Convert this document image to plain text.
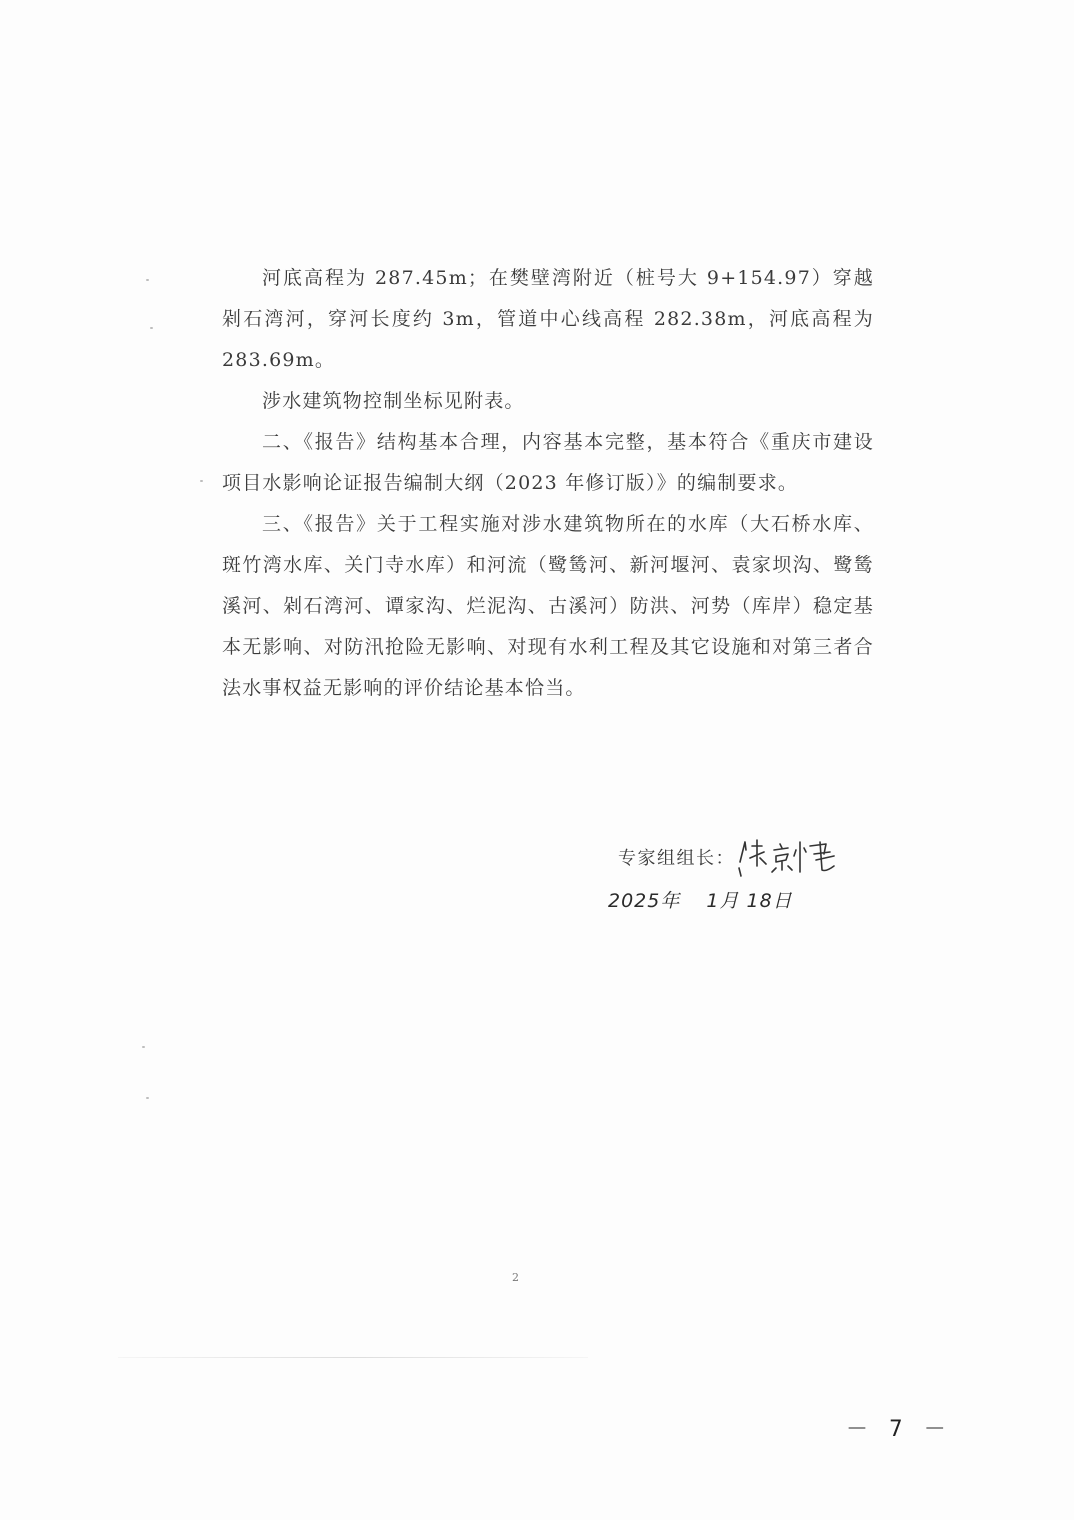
河底高程为 287.45m；在樊壁湾附近（桩号大 9+154.97）穿越剁石湾河，穿河长度约 3m，管道中心线高程 282.38m，河底高程为 283.69m。

涉水建筑物控制坐标见附表。

二、《报告》结构基本合理，内容基本完整，基本符合《重庆市建设项目水影响论证报告编制大纲（2023 年修订版）》的编制要求。

三、《报告》关于工程实施对涉水建筑物所在的水库（大石桥水库、斑竹湾水库、关门寺水库）和河流（鹭鸶河、新河堰河、袁家坝沟、鹭鸶溪河、剁石湾河、谭家沟、烂泥沟、古溪河）防洪、河势（库岸）稳定基本无影响、对防汛抢险无影响、对现有水利工程及其它设施和对第三者合法水事权益无影响的评价结论基本恰当。

专家组组长：
2025年 1月 18日
2
－ 7 －
